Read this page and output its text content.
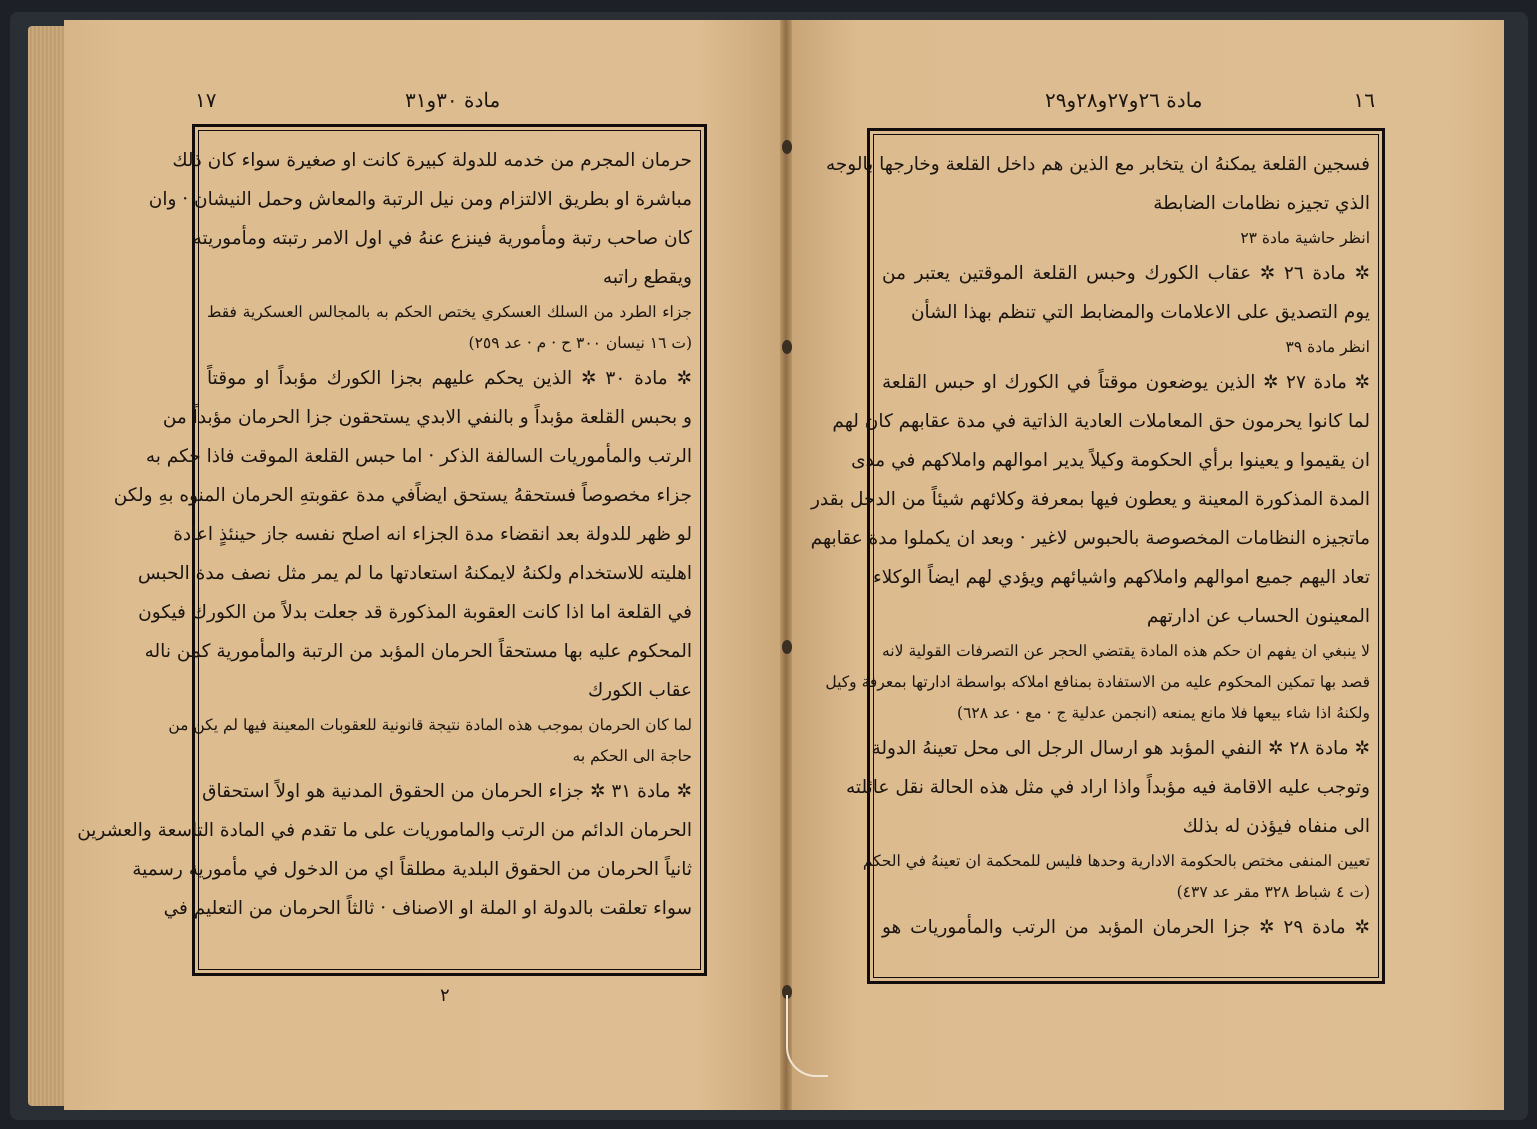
١٧	مادة ٣٠و٣١	مادة ٢٦و٢٧و٢٨و٢٩	١٦
حرمان المجرم من خدمه للدولة كبيرة كانت او صغيرة سواء كان ذلك
مباشرة او بطريق الالتزام ومن نيل الرتبة والمعاش وحمل النيشان · وان
كان صاحب رتبة ومأمورية فينزع عنهُ في اول الامر رتبته ومأموريته
ويقطع راتبه
جزاء الطرد من السلك العسكري يختص الحكم به بالمجالس العسكرية فقط
(ت ١٦ نيسان ٣٠٠ ح · م · عد ٢٥٩)
✲ مادة ٣٠ ✲ الذين يحكم عليهم بجزا الكورك مؤبداً او موقتاً
و بحبس القلعة مؤبداً و بالنفي الابدي يستحقون جزا الحرمان مؤبداً من
الرتب والمأموريات السالفة الذكر · اما حبس القلعة الموقت فاذا حكم به
جزاء مخصوصاً فستحقهُ يستحق ايضاًفي مدة عقوبتهِ الحرمان المنوه بهِ ولكن
لو ظهر للدولة بعد انقضاء مدة الجزاء انه اصلح نفسه جاز حينئذٍ اعادة
اهليته للاستخدام ولكنهُ لايمكنهُ استعادتها ما لم يمر مثل نصف مدة الحبس
في القلعة اما اذا كانت العقوبة المذكورة قد جعلت بدلاً من الكورك فيكون
المحكوم عليه بها مستحقاً الحرمان المؤبد من الرتبة والمأمورية كمن ناله
عقاب الكورك
لما كان الحرمان بموجب هذه المادة نتيجة قانونية للعقوبات المعينة فيها لم يكن من
حاجة الى الحكم به
✲ مادة ٣١ ✲ جزاء الحرمان من الحقوق المدنية هو اولاً استحقاق
الحرمان الدائم من الرتب والماموريات على ما تقدم في المادة التاسعة والعشرين
ثانياً الحرمان من الحقوق البلدية مطلقاً اي من الدخول في مأمورية رسمية
سواء تعلقت بالدولة او الملة او الاصناف · ثالثاً الحرمان من التعليم في
٢
فسجين القلعة يمكنهُ ان يتخابر مع الذين هم داخل القلعة وخارجها بالوجه
الذي تجيزه نظامات الضابطة
انظر حاشية مادة ٢٣
✲ مادة ٢٦ ✲ عقاب الكورك وحبس القلعة الموقتين يعتبر من
يوم التصديق على الاعلامات والمضابط التي تنظم بهذا الشأن
انظر مادة ٣٩
✲ مادة ٢٧ ✲ الذين يوضعون موقتاً في الكورك او حبس القلعة
لما كانوا يحرمون حق المعاملات العادية الذاتية في مدة عقابهم كان لهم
ان يقيموا و يعينوا برأي الحكومة وكيلاً يدير اموالهم واملاكهم في مدى
المدة المذكورة المعينة و يعطون فيها بمعرفة وكلائهم شيئاً من الدخل بقدر
ماتجيزه النظامات المخصوصة بالحبوس لاغير · وبعد ان يكملوا مدة عقابهم
تعاد اليهم جميع اموالهم واملاكهم واشيائهم ويؤدي لهم ايضاً الوكلاء
المعينون الحساب عن ادارتهم
لا ينبغي ان يفهم ان حكم هذه المادة يقتضي الحجر عن التصرفات القولية لانه
قصد بها تمكين المحكوم عليه من الاستفادة بمنافع املاكه بواسطة ادارتها بمعرفة وكيل
ولكنهُ اذا شاء بيعها فلا مانع يمنعه (انجمن عدلية ج · مع · عد ٦٢٨)
✲ مادة ٢٨ ✲ النفي المؤبد هو ارسال الرجل الى محل تعينهُ الدولة
وتوجب عليه الاقامة فيه مؤبداً واذا اراد في مثل هذه الحالة نقل عائلته
الى منفاه فيؤذن له بذلك
تعيين المنفى مختص بالحكومة الادارية وحدها فليس للمحكمة ان تعينهُ في الحكم
(ت ٤ شباط ٣٢٨ مقر عد ٤٣٧)
✲ مادة ٢٩ ✲ جزا الحرمان المؤبد من الرتب والمأموريات هو
